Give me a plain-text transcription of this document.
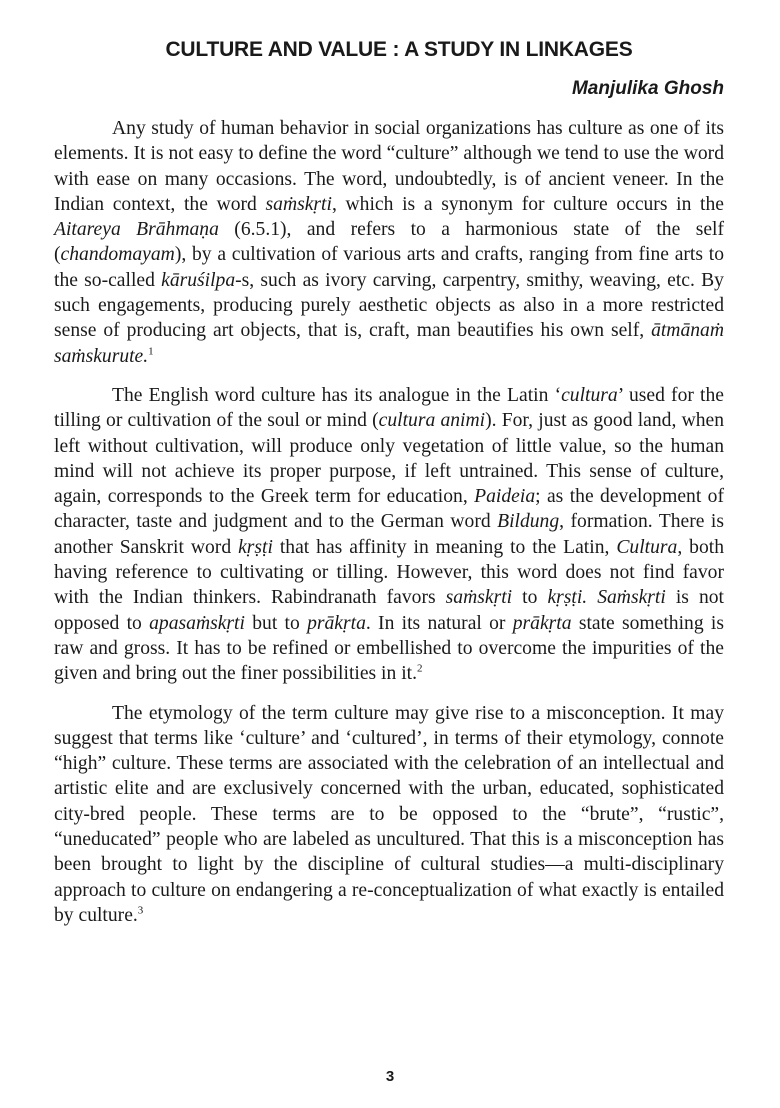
CULTURE AND VALUE : A STUDY IN LINKAGES
Manjulika Ghosh

Any study of human behavior in social organizations has culture as one of its elements. It is not easy to define the word “culture” although we tend to use the word with ease on many occasions. The word, undoubtedly, is of ancient veneer. In the Indian context, the word saṁskṛti, which is a synonym for culture occurs in the Aitareya Brāhmaṇa (6.5.1), and refers to a harmonious state of the self (chandomayam), by a cultivation of various arts and crafts, ranging from fine arts to the so-called kāruśilpa-s, such as ivory carving, carpentry, smithy, weaving, etc. By such engagements, producing purely aesthetic objects as also in a more restricted sense of producing art objects, that is, craft, man beautifies his own self, ātmānaṁ saṁskurute.$^1$

The English word culture has its analogue in the Latin ‘cultura’ used for the tilling or cultivation of the soul or mind (cultura animi). For, just as good land, when left without cultivation, will produce only vegetation of little value, so the human mind will not achieve its proper purpose, if left untrained. This sense of culture, again, corresponds to the Greek term for education, Paideia; as the development of character, taste and judgment and to the German word Bildung, formation. There is another Sanskrit word kṛṣṭi that has affinity in meaning to the Latin, Cultura, both having reference to cultivating or tilling. However, this word does not find favor with the Indian thinkers. Rabindranath favors saṁskṛti to kṛṣṭi. Saṁskṛti is not opposed to apasaṁskṛti but to prākṛta. In its natural or prākṛta state something is raw and gross. It has to be refined or embellished to overcome the impurities of the given and bring out the finer possibilities in it.$^2$

The etymology of the term culture may give rise to a misconception. It may suggest that terms like ‘culture’ and ‘cultured’, in terms of their etymology, connote “high” culture. These terms are associated with the celebration of an intellectual and artistic elite and are exclusively concerned with the urban, educated, sophisticated city-bred people. These terms are to be opposed to the “brute”, “rustic”, “uneducated” people who are labeled as uncultured. That this is a misconception has been brought to light by the discipline of cultural studies—a multi-disciplinary approach to culture on endangering a re-conceptualization of what exactly is entailed by culture.$^3$

3
